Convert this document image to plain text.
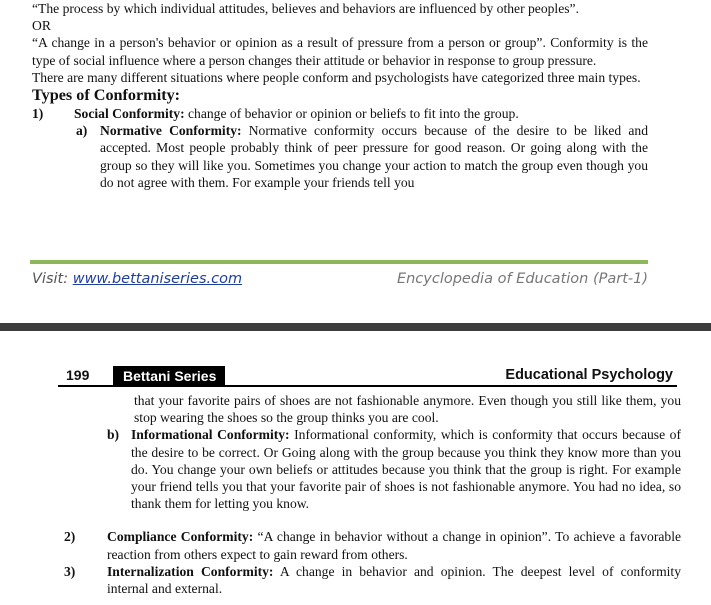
“The process by which individual attitudes, believes and behaviors are influenced by other peoples”.

OR

“A change in a person's behavior or opinion as a result of pressure from a person or group”. Conformity is the type of social influence where a person changes their attitude or behavior in response to group pressure.

There are many different situations where people conform and psychologists have categorized three main types.

Types of Conformity:

1)	Social Conformity: change of behavior or opinion or beliefs to fit into the group.
a) Normative Conformity: Normative conformity occurs because of the desire to be liked and accepted. Most people probably think of peer pressure for good reason. Or going along with the group so they will like you. Sometimes you change your action to match the group even though you do not agree with them. For example your friends tell you
Visit: www.bettaniseries.com	Encyclopedia of Education (Part-1)
199	Bettani Series	Educational Psychology
that your favorite pairs of shoes are not fashionable anymore. Even though you still like them, you stop wearing the shoes so the group thinks you are cool.
b) Informational Conformity: Informational conformity, which is conformity that occurs because of the desire to be correct. Or Going along with the group because you think they know more than you do. You change your own beliefs or attitudes because you think that the group is right. For example your friend tells you that your favorite pair of shoes is not fashionable anymore. You had no idea, so thank them for letting you know.
2)	Compliance Conformity: “A change in behavior without a change in opinion”. To achieve a favorable reaction from others expect to gain reward from others.
3)	Internalization Conformity: A change in behavior and opinion. The deepest level of conformity internal and external.
